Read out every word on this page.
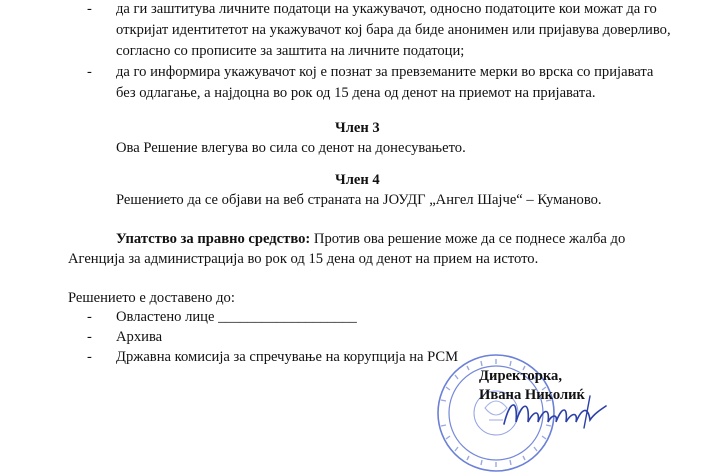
- да ги заштитува личните податоци на укажувачот, односно податоците кои можат да го
откријат идентитетот на укажувачот кој бара да биде анонимен или пријавува доверливо,
согласно со прописите за заштита на личните податоци;
- да го информира укажувачот кој е познат за превземаните мерки во врска со пријавата
без одлагање, а најдоцна во рок од 15 дена од денот на приемот на пријавата.
Член 3
Ова Решение влегува во сила со денот на донесувањето.
Член 4
Решението да се објави на веб страната на ЈОУДГ „Ангел Шајче“ – Куманово.
Упатство за правно средство: Против ова решение може да се поднесе жалба до
Агенција за администрација во рок од 15 дена од денот на прием на истото.
Решението е доставено до:
- Овластено лице ___________________
- Архива
- Државна комисија за спречување на корупција на РСМ
Директорка,
Ивана Николиќ
